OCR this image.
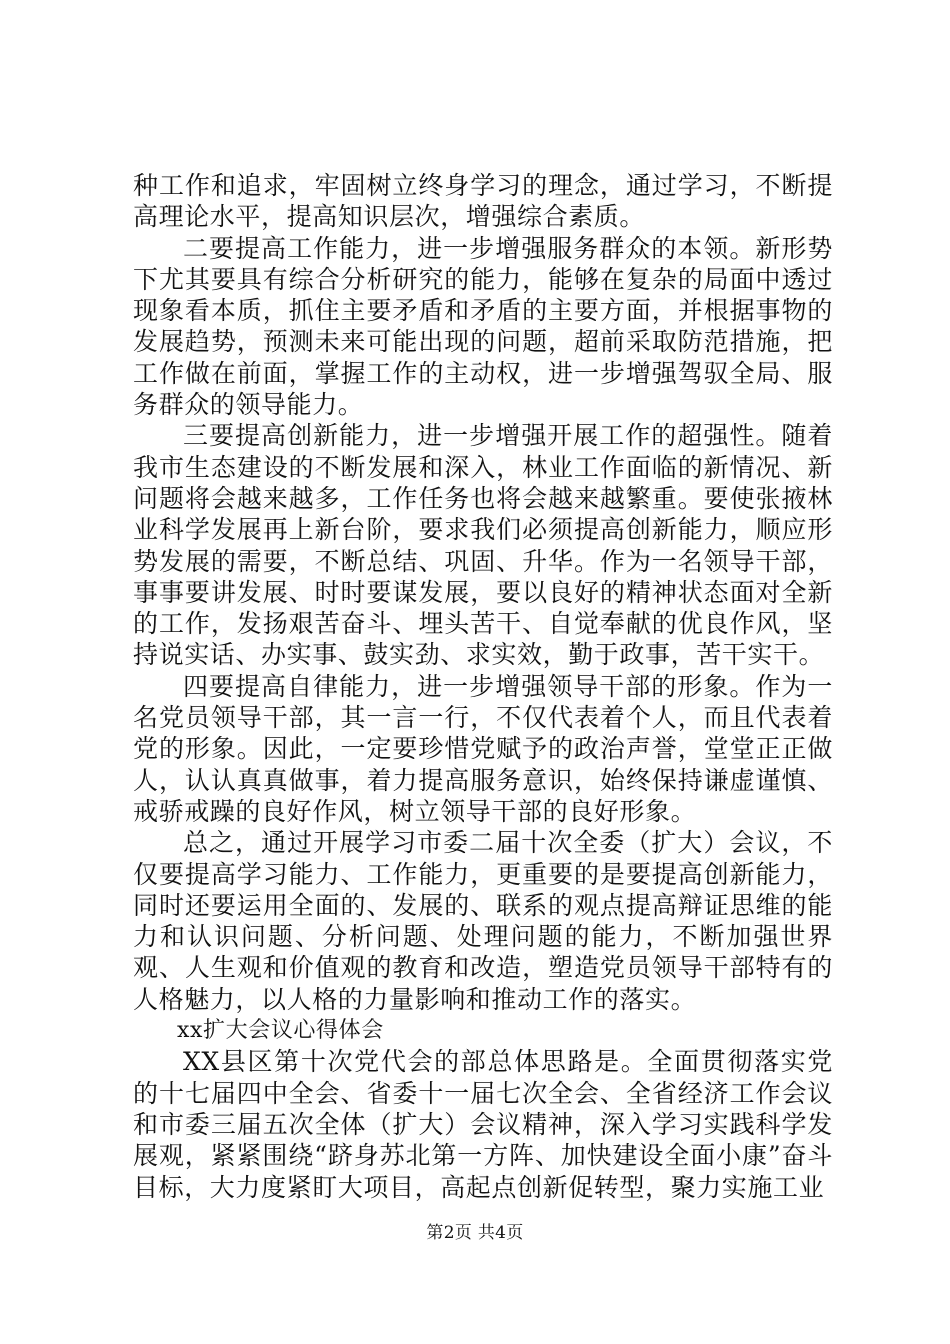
种工作和追求，牢固树立终身学习的理念，通过学习，不断提高理论水平，提高知识层次，增强综合素质。

二要提高工作能力，进一步增强服务群众的本领。新形势下尤其要具有综合分析研究的能力，能够在复杂的局面中透过现象看本质，抓住主要矛盾和矛盾的主要方面，并根据事物的发展趋势，预测未来可能出现的问题，超前采取防范措施，把工作做在前面，掌握工作的主动权，进一步增强驾驭全局、服务群众的领导能力。

三要提高创新能力，进一步增强开展工作的超强性。随着我市生态建设的不断发展和深入，林业工作面临的新情况、新问题将会越来越多，工作任务也将会越来越繁重。要使张掖林业科学发展再上新台阶，要求我们必须提高创新能力，顺应形势发展的需要，不断总结、巩固、升华。作为一名领导干部，事事要讲发展、时时要谋发展，要以良好的精神状态面对全新的工作，发扬艰苦奋斗、埋头苦干、自觉奉献的优良作风，坚持说实话、办实事、鼓实劲、求实效，勤于政事，苦干实干。

四要提高自律能力，进一步增强领导干部的形象。作为一名党员领导干部，其一言一行，不仅代表着个人，而且代表着党的形象。因此，一定要珍惜党赋予的政治声誉，堂堂正正做人，认认真真做事，着力提高服务意识，始终保持谦虚谨慎、戒骄戒躁的良好作风，树立领导干部的良好形象。

总之，通过开展学习市委二届十次全委（扩大）会议，不仅要提高学习能力、工作能力，更重要的是要提高创新能力，同时还要运用全面的、发展的、联系的观点提高辩证思维的能力和认识问题、分析问题、处理问题的能力，不断加强世界观、人生观和价值观的教育和改造，塑造党员领导干部特有的人格魅力，以人格的力量影响和推动工作的落实。

xx扩大会议心得体会

XX县区第十次党代会的部总体思路是。全面贯彻落实党的十七届四中全会、省委十一届七次全会、全省经济工作会议和市委三届五次全体（扩大）会议精神，深入学习实践科学发展观，紧紧围绕“跻身苏北第一方阵、加快建设全面小康”奋斗目标，大力度紧盯大项目，高起点创新促转型，聚力实施工业

第2页 共4页
